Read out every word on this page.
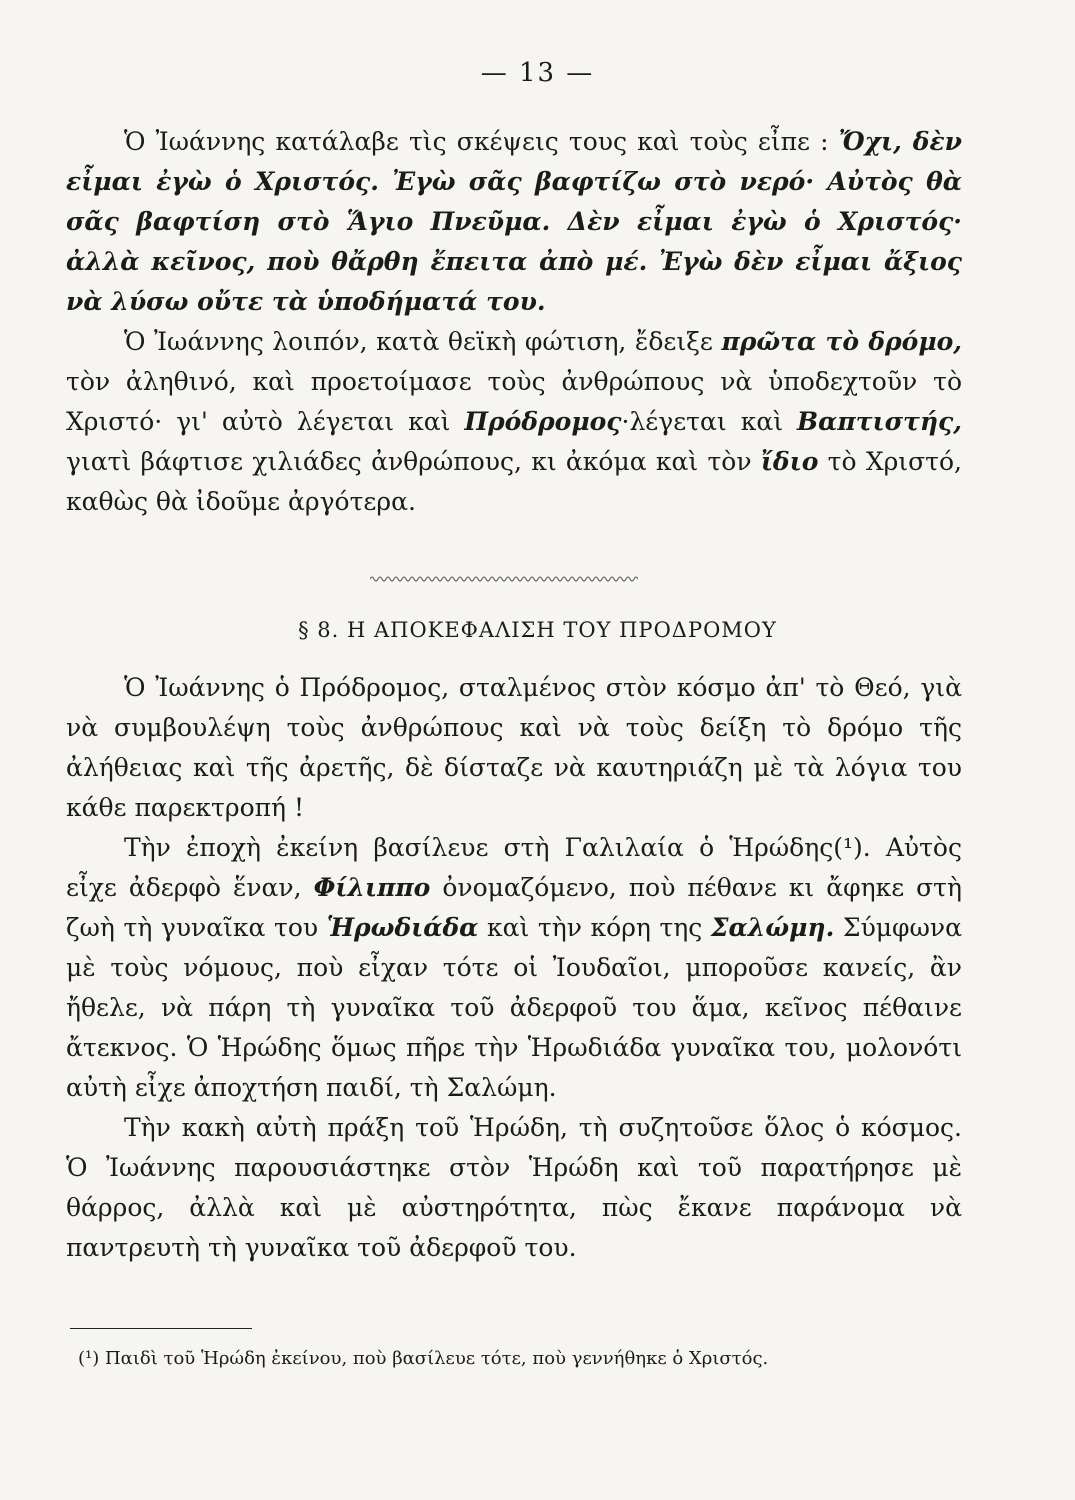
— 13 —

Ὁ Ἰωάννης κατάλαβε τὶς σκέψεις τους καὶ τοὺς εἶπε : Ὄχι, δὲν εἶμαι ἐγὼ ὁ Χριστός. Ἐγὼ σᾶς βαφτίζω στὸ νερό· Αὐτὸς θὰ σᾶς βαφτίση στὸ Ἅγιο Πνεῦμα. Δὲν εἶμαι ἐγὼ ὁ Χριστός· ἀλλὰ κεῖνος, ποὺ θἄρθη ἔπειτα ἀπὸ μέ. Ἐγὼ δὲν εἶμαι ἄξιος νὰ λύσω οὔτε τὰ ὑποδήματά του.

Ὁ Ἰωάννης λοιπόν, κατὰ θεϊκὴ φώτιση, ἔδειξε πρῶτα τὸ δρόμο, τὸν ἀληθινό, καὶ προετοίμασε τοὺς ἀνθρώπους νὰ ὑποδεχτοῦν τὸ Χριστό· γι' αὐτὸ λέγεται καὶ Πρόδρομος·λέγεται καὶ Βαπτιστής, γιατὶ βάφτισε χιλιάδες ἀνθρώπους, κι ἀκόμα καὶ τὸν ἴδιο τὸ Χριστό, καθὼς θὰ ἰδοῦμε ἀργότερα.

§ 8. Η ΑΠΟΚΕΦΑΛΙΣΗ ΤΟΥ ΠΡΟΔΡΟΜΟΥ

Ὁ Ἰωάννης ὁ Πρόδρομος, σταλμένος στὸν κόσμο ἀπ' τὸ Θεό, γιὰ νὰ συμβουλέψη τοὺς ἀνθρώπους καὶ νὰ τοὺς δείξη τὸ δρόμο τῆς ἀλήθειας καὶ τῆς ἀρετῆς, δὲ δίσταζε νὰ καυτηριάζη μὲ τὰ λόγια του κάθε παρεκτροπή !

Τὴν ἐποχὴ ἐκείνη βασίλευε στὴ Γαλιλαία ὁ Ἡρώδης(¹). Αὐτὸς εἶχε ἀδερφὸ ἕναν, Φίλιππο ὀνομαζόμενο, ποὺ πέθανε κι ἄφηκε στὴ ζωὴ τὴ γυναῖκα του Ἡρωδιάδα καὶ τὴν κόρη της Σαλώμη. Σύμφωνα μὲ τοὺς νόμους, ποὺ εἶχαν τότε οἱ Ἰουδαῖοι, μποροῦσε κανείς, ἂν ἤθελε, νὰ πάρη τὴ γυναῖκα τοῦ ἀδερφοῦ του ἅμα, κεῖνος πέθαινε ἄτεκνος. Ὁ Ἡρώδης ὅμως πῆρε τὴν Ἡρωδιάδα γυναῖκα του, μολονότι αὐτὴ εἶχε ἀποχτήση παιδί, τὴ Σαλώμη.

Τὴν κακὴ αὐτὴ πράξη τοῦ Ἡρώδη, τὴ συζητοῦσε ὅλος ὁ κόσμος. Ὁ Ἰωάννης παρουσιάστηκε στὸν Ἡρώδη καὶ τοῦ παρατήρησε μὲ θάρρος, ἀλλὰ καὶ μὲ αὐστηρότητα, πὼς ἔκανε παράνομα νὰ παντρευτὴ τὴ γυναῖκα τοῦ ἀδερφοῦ του.

(¹) Παιδὶ τοῦ Ἡρώδη ἐκείνου, ποὺ βασίλευε τότε, ποὺ γεννήθηκε ὁ Χριστός.
